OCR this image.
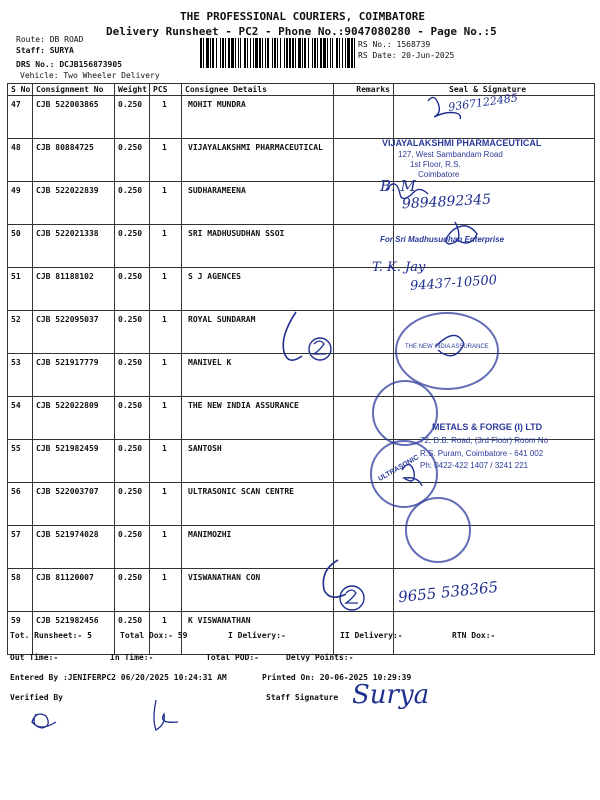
THE PROFESSIONAL COURIERS, COIMBATORE
Delivery Runsheet - PC2 - Phone No.:9047080280 - Page No.:5
Route: DB ROAD
Staff: SURYA
DRS No.: DCJB156873905
Vehicle: Two Wheeler Delivery
RS No.: 1568739
RS Date: 20-Jun-2025
S No	Consignment No	Weight	PCS	Consignee Details	Remarks	Seal & Signature
47	CJB 522003865	0.250	1	MOHIT MUNDRA		
48	CJB 80884725	0.250	1	VIJAYALAKSHMI PHARMACEUTICAL		
49	CJB 522022839	0.250	1	SUDHARAMEENA		
50	CJB 522021338	0.250	1	SRI MADHUSUDHAN SSOI		
51	CJB 81188102	0.250	1	S J AGENCES		
52	CJB 522095037	0.250	1	ROYAL SUNDARAM		
53	CJB 521917779	0.250	1	MANIVEL K		
54	CJB 522022809	0.250	1	THE NEW INDIA ASSURANCE		
55	CJB 521982459	0.250	1	SANTOSH		
56	CJB 522003707	0.250	1	ULTRASONIC SCAN CENTRE		
57	CJB 521974028	0.250	1	MANIMOZHI		
58	CJB 81120007	0.250	1	VISWANATHAN CON		
59	CJB 521982456	0.250	1	K VISWANATHAN		
9367122485
B. M
9894892345
T. K. Jay
94437-10500
9655 538365
Surya
VIJAYALAKSHMI PHARMACEUTICAL
127, West Sambandam Road
1st Floor, R.S.
Coimbatore
For Sri Madhusudhan Enterprise
THE NEW INDIA ASSURANCE
ULTRASONIC
METALS & FORGE (I) LTD
72, D.B. Road, (3rd Floor) Room No
R.S. Puram, Coimbatore - 641 002
Ph: 0422-422 1407 / 3241 221
Tot. Runsheet:- 5	Total Dox:- 59	I Delivery:-	II Delivery:-	RTN Dox:-
Out Time:-	In Time:-	Total POD:-	Delvy Points:-
Entered By :JENIFERPC2 06/20/2025 10:24:31 AM	Printed On: 20-06-2025 10:29:39
Verified By	Staff Signature
